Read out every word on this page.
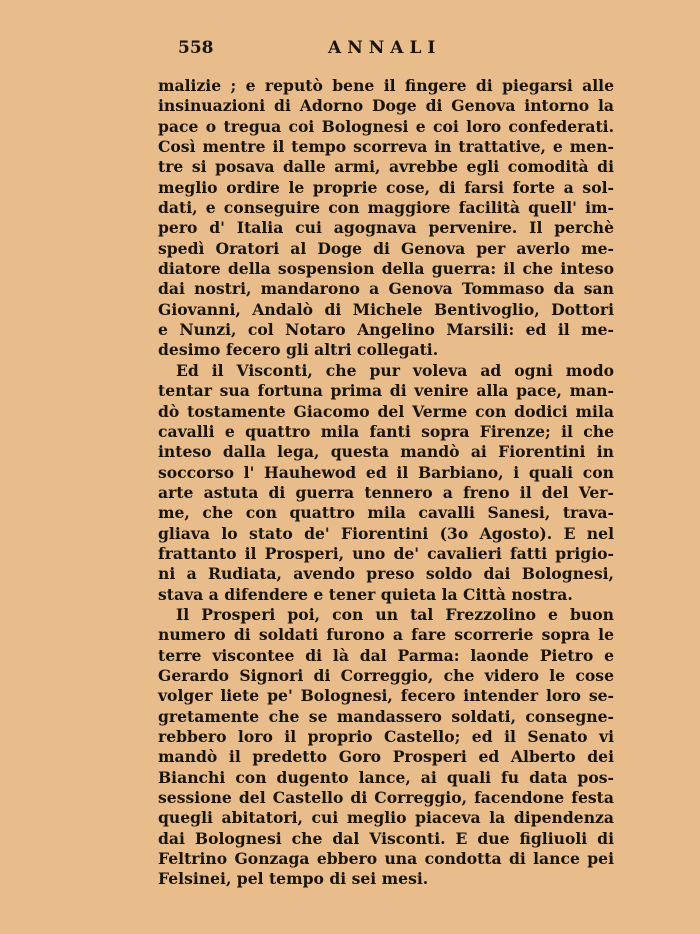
558	ANNALI
malizie ; e reputò bene il fingere di piegarsi alle
insinuazioni di Adorno Doge di Genova intorno la
pace o tregua coi Bolognesi e coi loro confederati.
Così mentre il tempo scorreva in trattative, e men-
tre si posava dalle armi, avrebbe egli comodità di
meglio ordire le proprie cose, di farsi forte a sol-
dati, e conseguire con maggiore facilità quell' im-
pero d' Italia cui agognava pervenire. Il perchè
spedì Oratori al Doge di Genova per averlo me-
diatore della sospension della guerra: il che inteso
dai nostri, mandarono a Genova Tommaso da san
Giovanni, Andalò di Michele Bentivoglio, Dottori
e Nunzi, col Notaro Angelino Marsili: ed il me-
desimo fecero gli altri collegati.
Ed il Visconti, che pur voleva ad ogni modo
tentar sua fortuna prima di venire alla pace, man-
dò tostamente Giacomo del Verme con dodici mila
cavalli e quattro mila fanti sopra Firenze; il che
inteso dalla lega, questa mandò ai Fiorentini in
soccorso l' Hauhewod ed il Barbiano, i quali con
arte astuta di guerra tennero a freno il del Ver-
me, che con quattro mila cavalli Sanesi, trava-
gliava lo stato de' Fiorentini (3o Agosto). E nel
frattanto il Prosperi, uno de' cavalieri fatti prigio-
ni a Rudiata, avendo preso soldo dai Bolognesi,
stava a difendere e tener quieta la Città nostra.
Il Prosperi poi, con un tal Frezzolino e buon
numero di soldati furono a fare scorrerie sopra le
terre viscontee di là dal Parma: laonde Pietro e
Gerardo Signori di Correggio, che videro le cose
volger liete pe' Bolognesi, fecero intender loro se-
gretamente che se mandassero soldati, consegne-
rebbero loro il proprio Castello; ed il Senato vi
mandò il predetto Goro Prosperi ed Alberto dei
Bianchi con dugento lance, ai quali fu data pos-
sessione del Castello di Correggio, facendone festa
quegli abitatori, cui meglio piaceva la dipendenza
dai Bolognesi che dal Visconti. E due figliuoli di
Feltrino Gonzaga ebbero una condotta di lance pei
Felsinei, pel tempo di sei mesi.
